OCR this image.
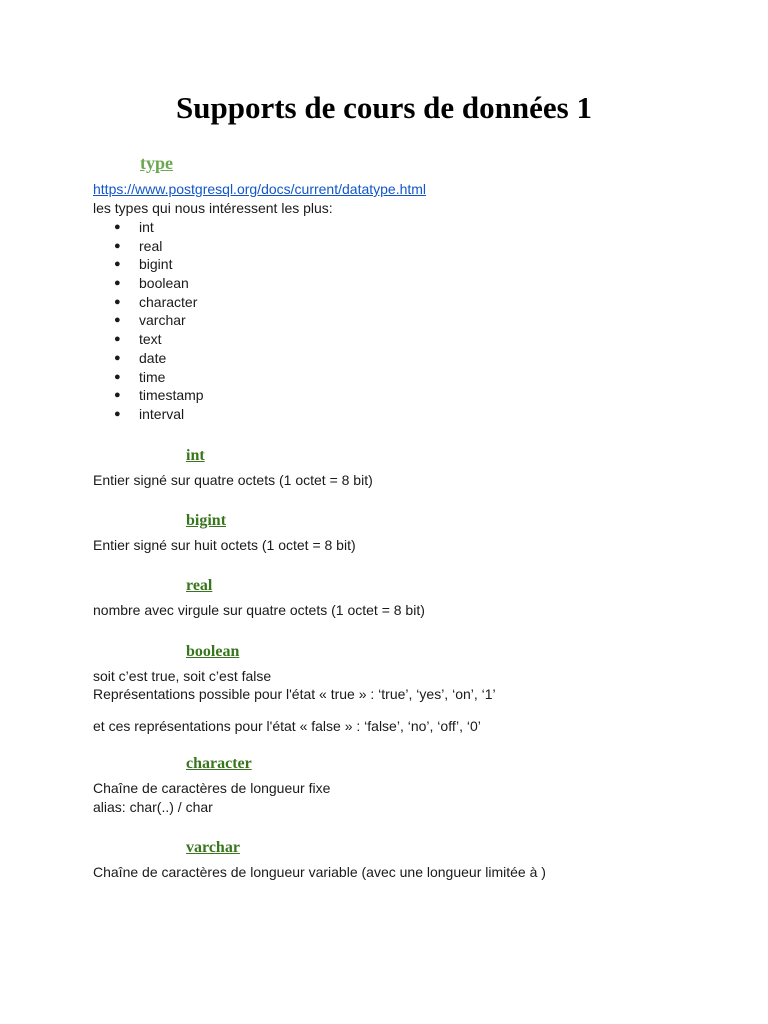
Supports de cours de données 1
type
https://www.postgresql.org/docs/current/datatype.html

les types qui nous intéressent les plus:

● int
● real
● bigint
● boolean
● character
● varchar
● text
● date
● time
● timestamp
● interval
int

Entier signé sur quatre octets (1 octet = 8 bit)

bigint

Entier signé sur huit octets (1 octet = 8 bit)

real

nombre avec virgule sur quatre octets (1 octet = 8 bit)

boolean

soit c’est true, soit c’est false

Représentations possible pour l'état « true » : ‘true’, ‘yes’, ‘on’, ‘1’

et ces représentations pour l'état « false » : ‘false’, ‘no’, ‘off’, ‘0’

character

Chaîne de caractères de longueur fixe

alias: char(..) / char

varchar

Chaîne de caractères de longueur variable (avec une longueur limitée à )
